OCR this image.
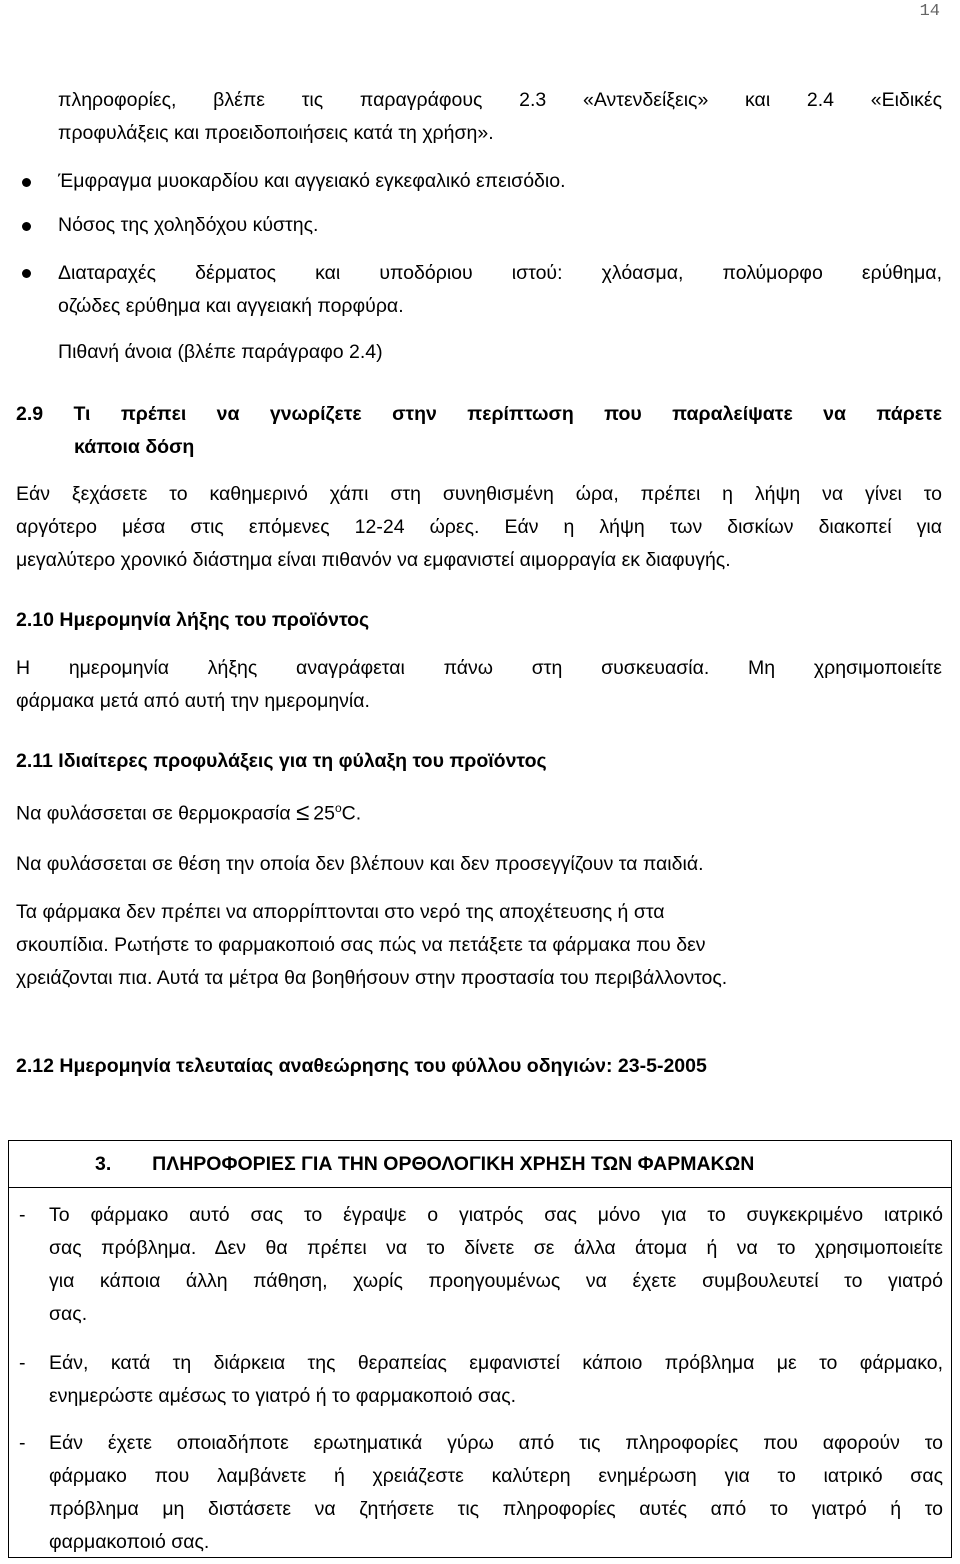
14
πληροφορίες, βλέπε τις παραγράφους 2.3 «Αντενδείξεις» και 2.4 «Ειδικές
προφυλάξεις και προειδοποιήσεις κατά τη χρήση».
Έμφραγμα μυοκαρδίου και αγγειακό εγκεφαλικό επεισόδιο.
Νόσος της χοληδόχου κύστης.
Διαταραχές δέρματος και υποδόριου ιστού: χλόασμα, πολύμορφο ερύθημα,
οζώδες ερύθημα και αγγειακή πορφύρα.
Πιθανή άνοια (βλέπε παράγραφο 2.4)
2.9 Τι πρέπει να γνωρίζετε στην περίπτωση που παραλείψατε να πάρετε
κάποια δόση
Εάν ξεχάσετε το καθημερινό χάπι στη συνηθισμένη ώρα, πρέπει η λήψη να γίνει το
αργότερο μέσα στις επόμενες 12-24 ώρες. Εάν η λήψη των δισκίων διακοπεί για
μεγαλύτερο χρονικό διάστημα είναι πιθανόν να εμφανιστεί αιμορραγία εκ διαφυγής.
2.10 Ημερομηνία λήξης του προϊόντος
Η ημερομηνία λήξης αναγράφεται πάνω στη συσκευασία. Μη χρησιμοποιείτε
φάρμακα μετά από αυτή την ημερομηνία.
2.11 Ιδιαίτερες προφυλάξεις για τη φύλαξη του προϊόντος
Να φυλάσσεται σε $\theta\varepsilon\rho\mu o\kappa\rho\alpha\sigma ί\alpha \le 25^oC$.
Να φυλάσσεται σε θέση την οποία δεν βλέπουν και δεν προσεγγίζουν τα παιδιά.
Τα φάρμακα δεν πρέπει να απορρίπτονται στο νερό της αποχέτευσης ή στα
σκουπίδια. Ρωτήστε το φαρμακοποιό σας πώς να πετάξετε τα φάρμακα που δεν
χρειάζονται πια. Αυτά τα μέτρα θα βοηθήσουν στην προστασία του περιβάλλοντος.
2.12 Ημερομηνία τελευταίας αναθεώρησης του φύλλου οδηγιών: 23-5-2005
3. ΠΛΗΡΟΦΟΡΙΕΣ ΓΙΑ ΤΗΝ ΟΡΘΟΛΟΓΙΚΗ ΧΡΗΣΗ ΤΩΝ ΦΑΡΜΑΚΩΝ
- Το φάρμακο αυτό σας το έγραψε ο γιατρός σας μόνο για το συγκεκριμένο ιατρικό
σας πρόβλημα. Δεν θα πρέπει να το δίνετε σε άλλα άτομα ή να το χρησιμοποιείτε
για κάποια άλλη πάθηση, χωρίς προηγουμένως να έχετε συμβουλευτεί το γιατρό
σας.
- Εάν, κατά τη διάρκεια της θεραπείας εμφανιστεί κάποιο πρόβλημα με το φάρμακο,
ενημερώστε αμέσως το γιατρό ή το φαρμακοποιό σας.
- Εάν έχετε οποιαδήποτε ερωτηματικά γύρω από τις πληροφορίες που αφορούν το
φάρμακο που λαμβάνετε ή χρειάζεστε καλύτερη ενημέρωση για το ιατρικό σας
πρόβλημα μη διστάσετε να ζητήσετε τις πληροφορίες αυτές από το γιατρό ή το
φαρμακοποιό σας.
